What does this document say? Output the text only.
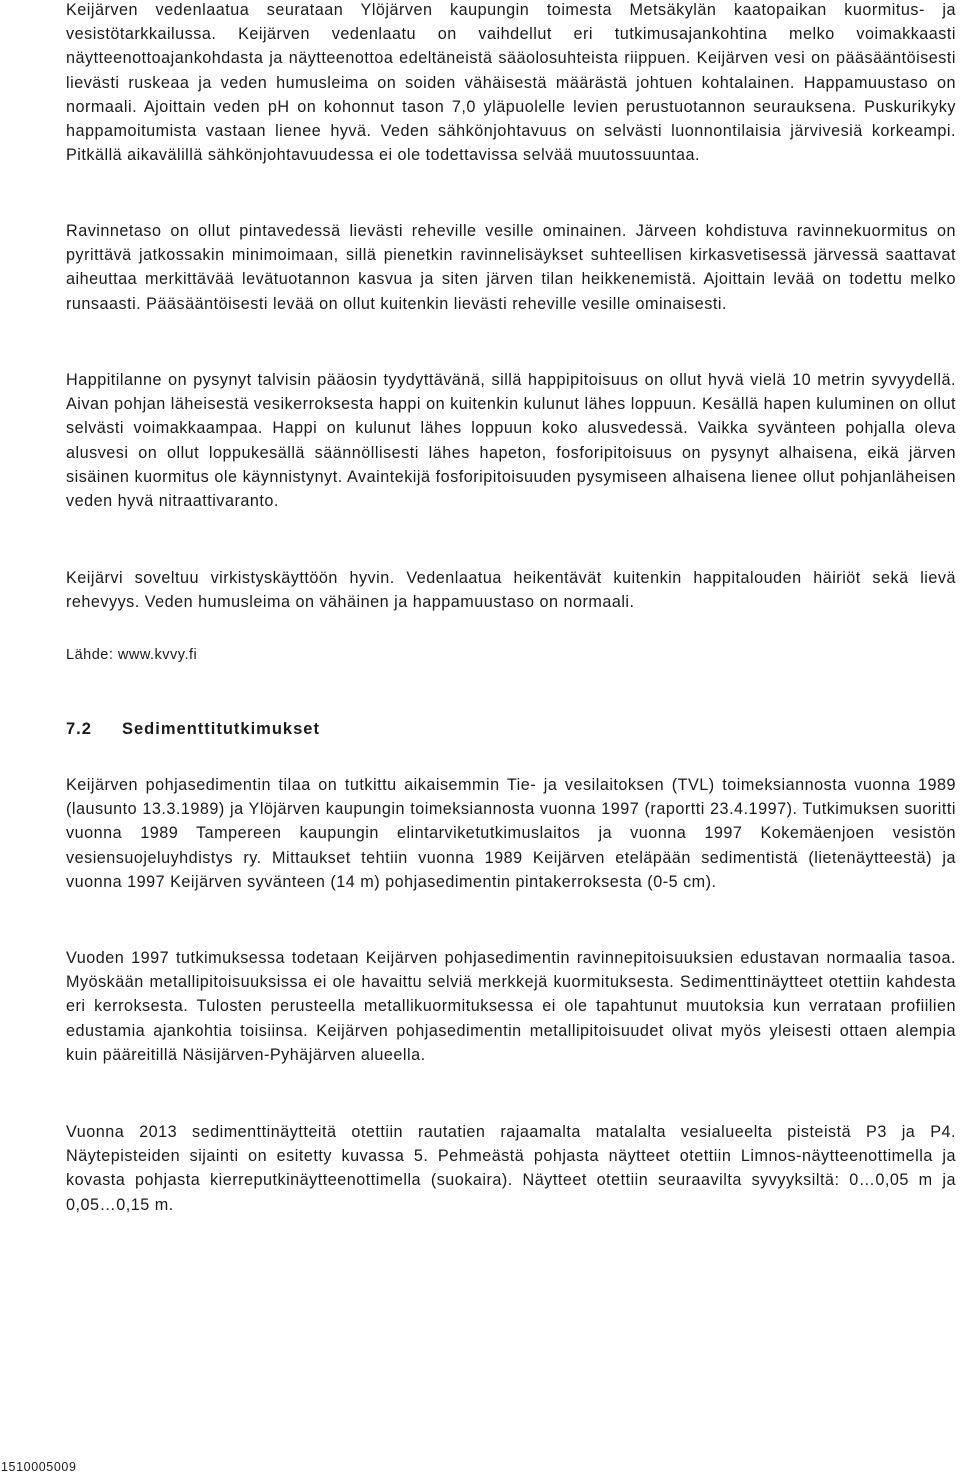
Keijärven vedenlaatua seurataan Ylöjärven kaupungin toimesta Metsäkylän kaatopaikan kuormitus- ja vesistötarkkailussa. Keijärven vedenlaatu on vaihdellut eri tutkimusajankohtina melko voimakkaasti näytteenottoajankohdasta ja näytteenottoa edeltäneistä sääolosuhteista riippuen. Keijärven vesi on pääsääntöisesti lievästi ruskeaa ja veden humusleima on soiden vähäisestä määrästä johtuen kohtalainen. Happamuustaso on normaali. Ajoittain veden pH on kohonnut tason 7,0 yläpuolelle levien perustuotannon seurauksena. Puskurikyky happamoitumista vastaan lienee hyvä. Veden sähkönjohtavuus on selvästi luonnontilaisia järvivesiä korkeampi. Pitkällä aikavälillä sähkönjohtavuudessa ei ole todettavissa selvää muutossuuntaa.

Ravinnetaso on ollut pintavedessä lievästi reheville vesille ominainen. Järveen kohdistuva ravinnekuormitus on pyrittävä jatkossakin minimoimaan, sillä pienetkin ravinnelisäykset suhteellisen kirkasvetisessä järvessä saattavat aiheuttaa merkittävää levätuotannon kasvua ja siten järven tilan heikkenemistä. Ajoittain levää on todettu melko runsaasti. Pääsääntöisesti levää on ollut kuitenkin lievästi reheville vesille ominaisesti.

Happitilanne on pysynyt talvisin pääosin tyydyttävänä, sillä happipitoisuus on ollut hyvä vielä 10 metrin syvyydellä. Aivan pohjan läheisestä vesikerroksesta happi on kuitenkin kulunut lähes loppuun. Kesällä hapen kuluminen on ollut selvästi voimakkaampaa. Happi on kulunut lähes loppuun koko alusvedessä. Vaikka syvänteen pohjalla oleva alusvesi on ollut loppukesällä säännöllisesti lähes hapeton, fosforipitoisuus on pysynyt alhaisena, eikä järven sisäinen kuormitus ole käynnistynyt. Avaintekijä fosforipitoisuuden pysymiseen alhaisena lienee ollut pohjanläheisen veden hyvä nitraattivaranto.

Keijärvi soveltuu virkistyskäyttöön hyvin. Vedenlaatua heikentävät kuitenkin happitalouden häiriöt sekä lievä rehevyys. Veden humusleima on vähäinen ja happamuustaso on normaali.

Lähde: www.kvvy.fi
7.2 Sedimenttitutkimukset

Keijärven pohjasedimentin tilaa on tutkittu aikaisemmin Tie- ja vesilaitoksen (TVL) toimeksiannosta vuonna 1989 (lausunto 13.3.1989) ja Ylöjärven kaupungin toimeksiannosta vuonna 1997 (raportti 23.4.1997). Tutkimuksen suoritti vuonna 1989 Tampereen kaupungin elintarviketutkimuslaitos ja vuonna 1997 Kokemäenjoen vesistön vesiensuojeluyhdistys ry. Mittaukset tehtiin vuonna 1989 Keijärven eteläpään sedimentistä (lietenäytteestä) ja vuonna 1997 Keijärven syvänteen (14 m) pohjasedimentin pintakerroksesta (0-5 cm).

Vuoden 1997 tutkimuksessa todetaan Keijärven pohjasedimentin ravinnepitoisuuksien edustavan normaalia tasoa. Myöskään metallipitoisuuksissa ei ole havaittu selviä merkkejä kuormituksesta. Sedimenttinäytteet otettiin kahdesta eri kerroksesta. Tulosten perusteella metallikuormituksessa ei ole tapahtunut muutoksia kun verrataan profiilien edustamia ajankohtia toisiinsa. Keijärven pohjasedimentin metallipitoisuudet olivat myös yleisesti ottaen alempia kuin pääreitillä Näsijärven-Pyhäjärven alueella.

Vuonna 2013 sedimenttinäytteitä otettiin rautatien rajaamalta matalalta vesialueelta pisteistä P3 ja P4. Näytepisteiden sijainti on esitetty kuvassa 5. Pehmeästä pohjasta näytteet otettiin Limnos-näytteenottimella ja kovasta pohjasta kierreputkinäytteenottimella (suokaira). Näytteet otettiin seuraavilta syvyyksiltä: 0…0,05 m ja 0,05…0,15 m.

1510005009
